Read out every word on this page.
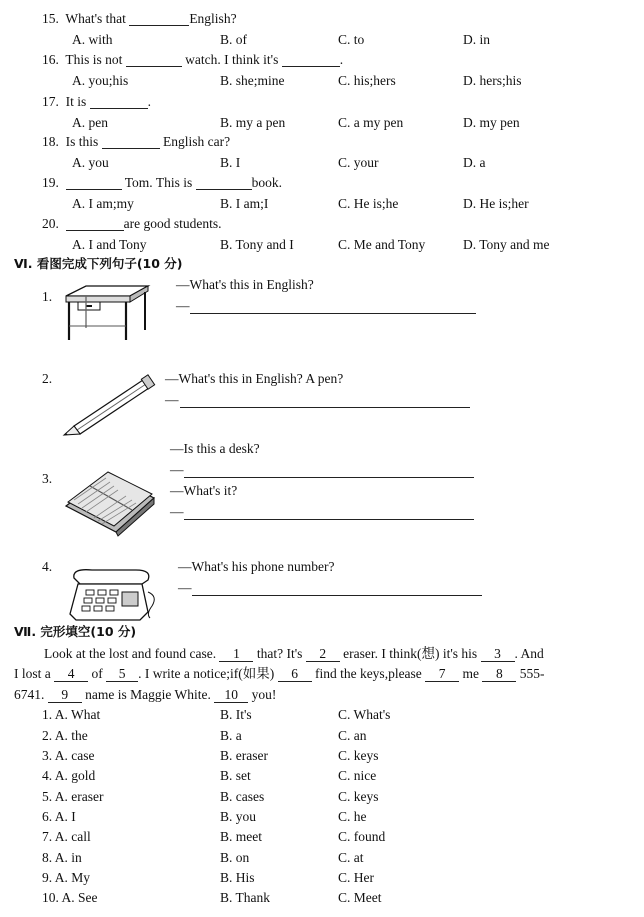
15. What's that	English?
A. with	B. of	C. to	D. in
16. This is not	watch. I think it's	.
A. you;his	B. she;mine	C. his;hers	D. hers;his
17. It is	.
A. pen	B. my a pen	C. a my pen	D. my pen
18. Is this	English car?
A. you	B. I	C. your	D. a
19.	Tom. This is	book.
A. I am;my	B. I am;I	C. He is;he	D. He is;her
20.	are good students.
A. I and Tony	B. Tony and I	C. Me and Tony	D. Tony and me
Ⅵ. 看图完成下列句子(10 分)
1.
—What's this in English?
—
2.	—What's this in English? A pen?
—
—Is this a desk?
—
3.
—What's it?
—
4.	—What's his phone number?
—
Ⅶ. 完形填空(10 分)
Look at the lost and found case. 1 that? It's 2 eraser. I think(想) it's his 3 . And
I lost a 4 of 5 . I write a notice;if(如果) 6 find the keys,please 7 me 8 555-
6741. 9 name is Maggie White. 10 you!
1. A. What	B. It's	C. What's
2. A. the	B. a	C. an
3. A. case	B. eraser	C. keys
4. A. gold	B. set	C. nice
5. A. eraser	B. cases	C. keys
6. A. I	B. you	C. he
7. A. call	B. meet	C. found
8. A. in	B. on	C. at
9. A. My	B. His	C. Her
10. A. See	B. Thank	C. Meet
